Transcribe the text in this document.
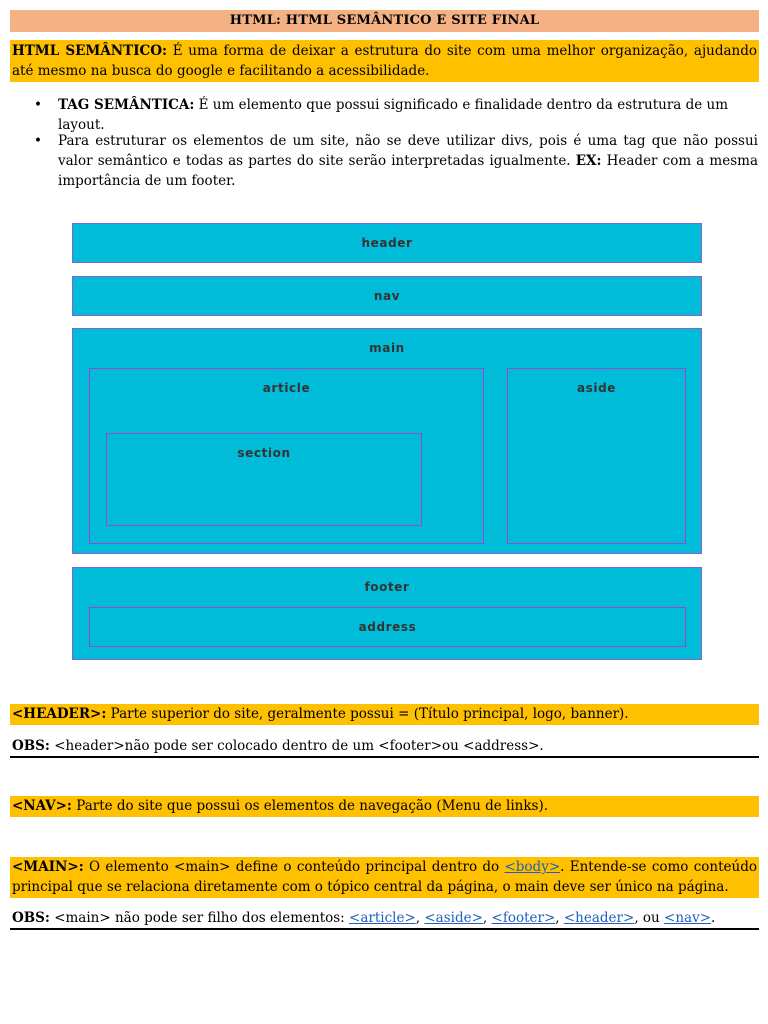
HTML: HTML SEMÂNTICO E SITE FINAL
HTML SEMÂNTICO: É uma forma de deixar a estrutura do site com uma melhor organização, ajudando até mesmo na busca do google e facilitando a acessibilidade.
• TAG SEMÂNTICA: É um elemento que possui significado e finalidade dentro da estrutura de um layout.
• Para estruturar os elementos de um site, não se deve utilizar divs, pois é uma tag que não possui valor semântico e todas as partes do site serão interpretadas igualmente. EX: Header com a mesma importância de um footer.
header
nav
main
article
section
aside
footer
address
<HEADER>: Parte superior do site, geralmente possui = (Título principal, logo, banner).
OBS: <header>não pode ser colocado dentro de um <footer>ou <address>.
<NAV>: Parte do site que possui os elementos de navegação (Menu de links).
<MAIN>: O elemento <main> define o conteúdo principal dentro do <body>. Entende-se como conteúdo principal que se relaciona diretamente com o tópico central da página, o main deve ser único na página.
OBS: <main> não pode ser filho dos elementos: <article>, <aside>, <footer>, <header>, ou <nav>.
